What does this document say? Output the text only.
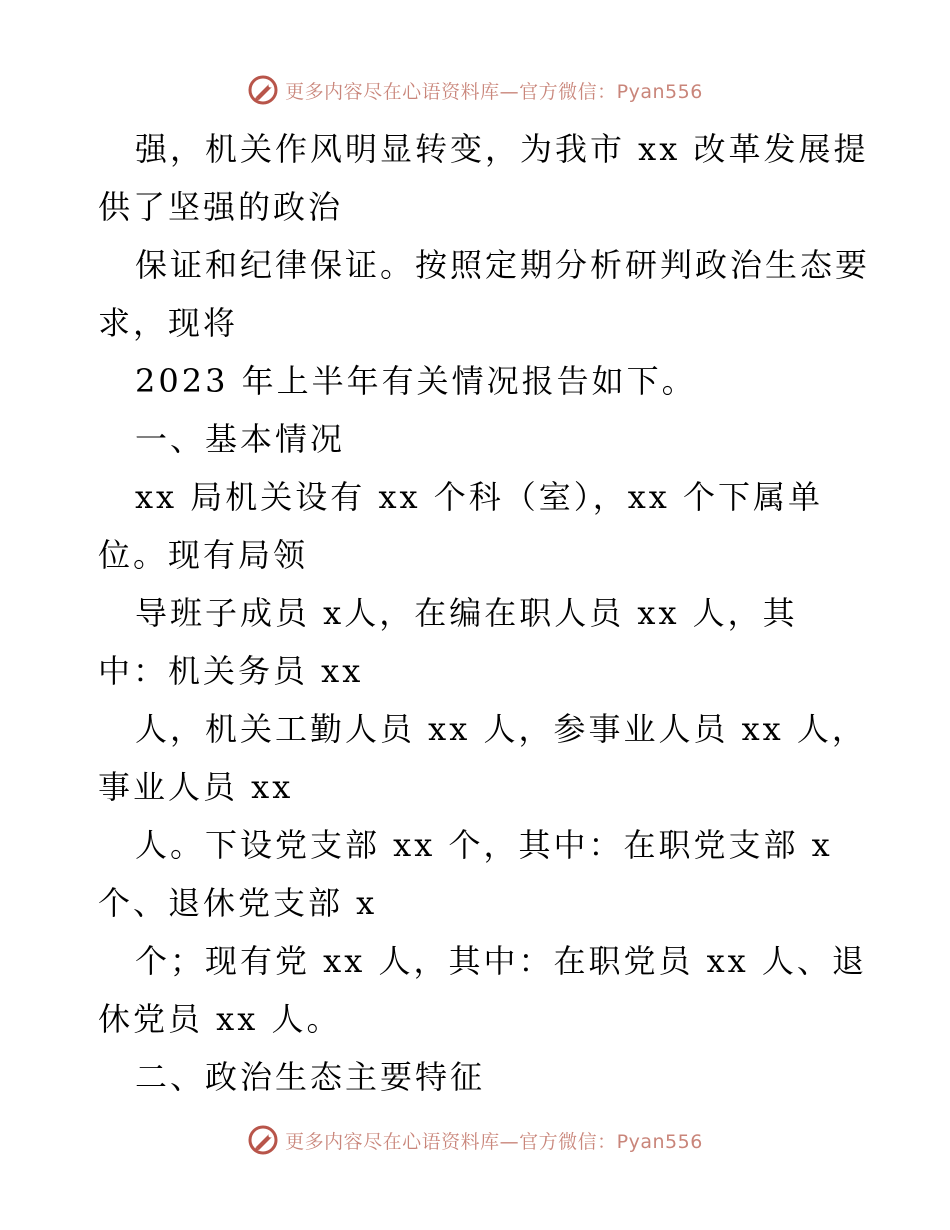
更多内容尽在心语资料库—官方微信：Pyan556
强，机关作风明显转变，为我市 xx 改革发展提
供了坚强的政治
保证和纪律保证。按照定期分析研判政治生态要
求，现将
2023 年上半年有关情况报告如下。
一、基本情况
xx 局机关设有 xx 个科（室），xx 个下属单
位。现有局领
导班子成员 x人，在编在职人员 xx 人，其
中：机关务员 xx
人，机关工勤人员 xx 人，参事业人员 xx 人，
事业人员 xx
人。下设党支部 xx 个，其中：在职党支部 x
个、退休党支部 x
个；现有党 xx 人，其中：在职党员 xx 人、退
休党员 xx 人。
二、政治生态主要特征
更多内容尽在心语资料库—官方微信：Pyan556
